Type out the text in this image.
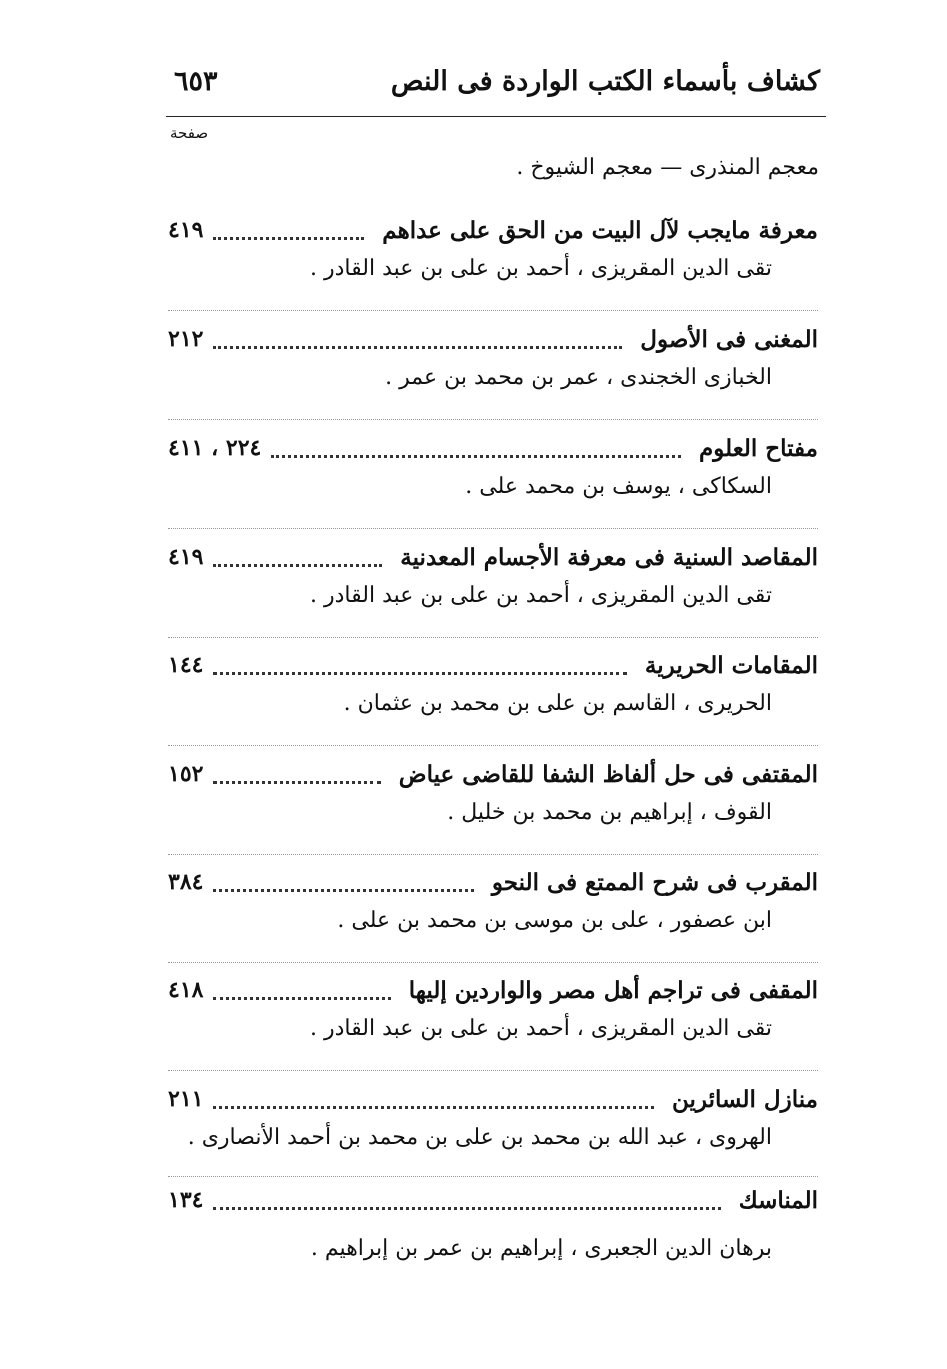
كشاف بأسماء الكتب الواردة فى النص
٦٥٣
صفحة
معجم المنذرى — معجم الشيوخ .
معرفة مايجب لآل البيت من الحق على عداهم
٤١٩
تقى الدين المقريزى ، أحمد بن على بن عبد القادر .
المغنى فى الأصول
٢١٢
الخبازى الخجندى ، عمر بن محمد بن عمر .
مفتاح العلوم
٢٢٤ ، ٤١١
السكاكى ، يوسف بن محمد على .
المقاصد السنية فى معرفة الأجسام المعدنية
٤١٩
تقى الدين المقريزى ، أحمد بن على بن عبد القادر .
المقامات الحريرية
١٤٤
الحريرى ، القاسم بن على بن محمد بن عثمان .
المقتفى فى حل ألفاظ الشفا للقاضى عياض
١٥٢
القوف ، إبراهيم بن محمد بن خليل .
المقرب فى شرح الممتع فى النحو
٣٨٤
ابن عصفور ، على بن موسى بن محمد بن على .
المقفى فى تراجم أهل مصر والواردين إليها
٤١٨
تقى الدين المقريزى ، أحمد بن على بن عبد القادر .
منازل السائرين
٢١١
الهروى ، عبد الله بن محمد بن على بن محمد بن أحمد الأنصارى .
المناسك
١٣٤
برهان الدين الجعبرى ، إبراهيم بن عمر بن إبراهيم .
